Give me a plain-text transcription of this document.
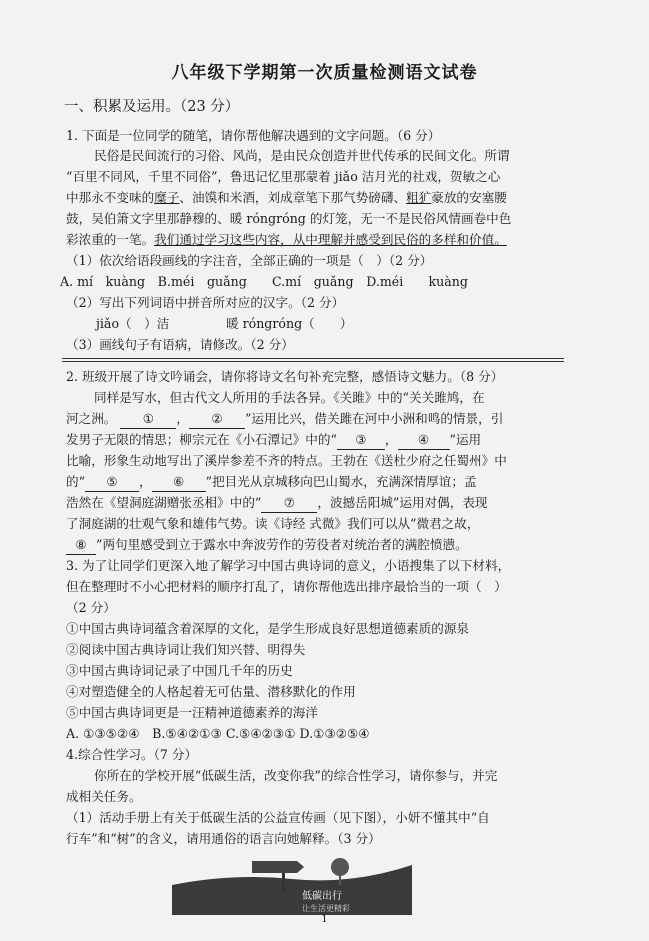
八年级下学期第一次质量检测语文试卷
一、积累及运用。（23 分）
1. 下面是一位同学的随笔，请你帮他解决遇到的文字问题。（6 分）
民俗是民间流行的习俗、风尚，是由民众创造并世代传承的民间文化。所谓
“百里不同风，千里不同俗”，鲁迅记忆里那蒙着 jiǎo 洁月光的社戏，贺敏之心
中那永不变味的糜子、油馍和米酒，刘成章笔下那气势磅礴、粗犷豪放的安塞腰
鼓，吴伯箫文字里那静穆的、暖 róngróng 的灯笼，无一不是民俗风情画卷中色
彩浓重的一笔。我们通过学习这些内容，从中理解并感受到民俗的多样和价值。
（1）依次给语段画线的字注音，全部正确的一项是（　）（2 分）
A. mí　kuàng　B.méi　guǎng　　C.mí　guǎng　D.méi　　kuàng
（2）写出下列词语中拼音所对应的汉字。（2 分）
jiǎo（　）洁	暖 róngróng（　　）
（3）画线句子有语病，请修改。（2 分）
2. 班级开展了诗文吟诵会，请你将诗文名句补充完整，感悟诗文魅力。（8 分）
同样是写水，但古代文人所用的手法各异。《关雎》中的“关关雎鸠，在
河之洲。 ① ， ② ”运用比兴，借关雎在河中小洲和鸣的情景，引
发男子无限的情思；柳宗元在《小石潭记》中的“ ③ ， ④ ”运用
比喻，形象生动地写出了溪岸参差不齐的特点。王勃在《送杜少府之任蜀州》中
的“ ⑤ ， ⑥ ”把目光从京城移向巴山蜀水，充满深情厚谊；孟
浩然在《望洞庭湖赠张丞相》中的“ ⑦ ，波撼岳阳城”运用对偶，表现
了洞庭湖的壮观气象和雄伟气势。读《诗经 式微》我们可以从“微君之故，
⑧ ”两句里感受到立于露水中奔波劳作的劳役者对统治者的满腔愤懑。
3. 为了让同学们更深入地了解学习中国古典诗词的意义，小语搜集了以下材料，
但在整理时不小心把材料的顺序打乱了，请你帮他选出排序最恰当的一项（　）
（2 分）
①中国古典诗词蕴含着深厚的文化，是学生形成良好思想道德素质的源泉
②阅读中国古典诗词让我们知兴替、明得失
③中国古典诗词记录了中国几千年的历史
④对塑造健全的人格起着无可估量、潜移默化的作用
⑤中国古典诗词更是一汪精神道德素养的海洋
A. ①③⑤②④　B.⑤④②①③ C.⑤④②③① D.①③②⑤④
4.综合性学习。（7 分）
你所在的学校开展“低碳生活，改变你我”的综合性学习，请你参与，并完
成相关任务。
（1）活动手册上有关于低碳生活的公益宣传画（见下图），小妍不懂其中“自
行车”和“树”的含义，请用通俗的语言向她解释。（3 分）
低碳出行
让生活更精彩
1
